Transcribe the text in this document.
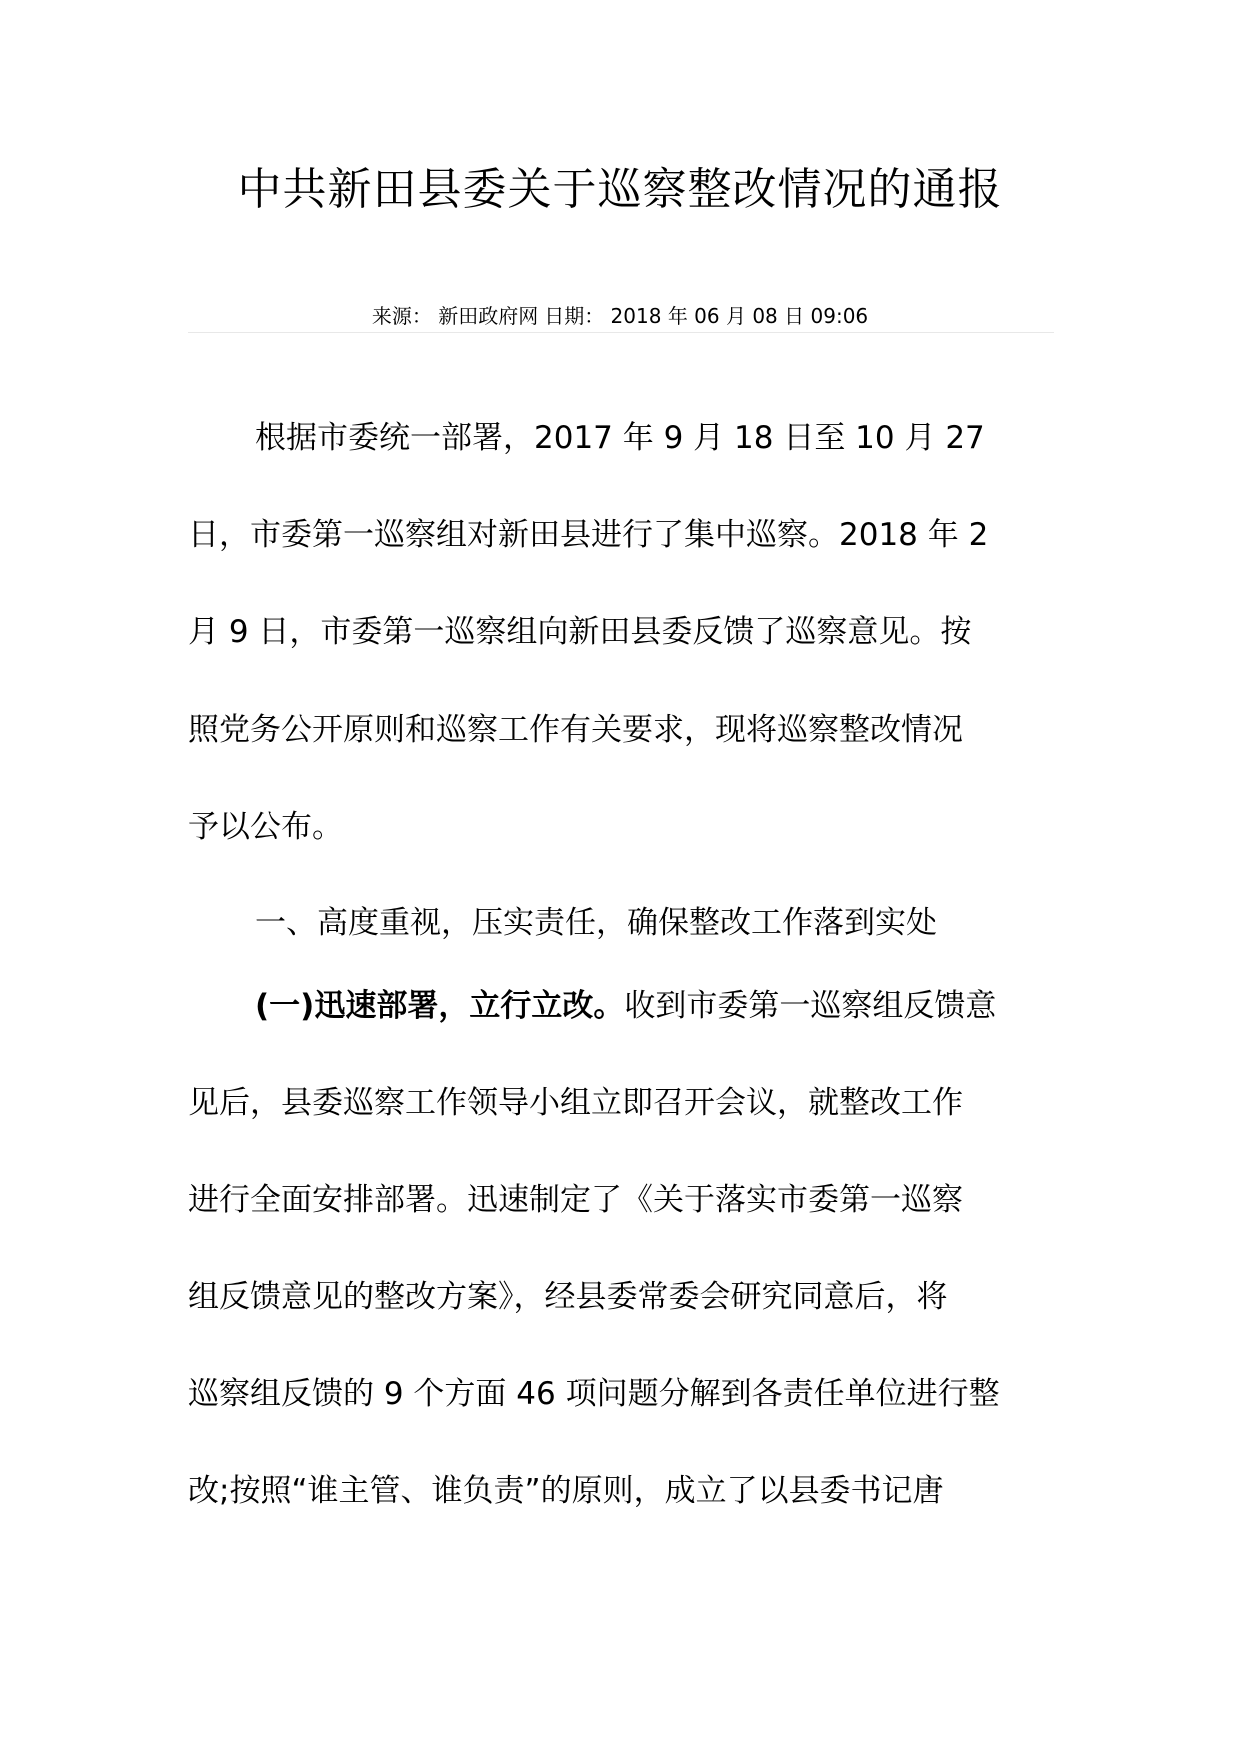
中共新田县委关于巡察整改情况的通报
来源： 新田政府网 日期： 2018 年 06 月 08 日 09:06
根据市委统一部署，2017 年 9 月 18 日至 10 月 27
日，市委第一巡察组对新田县进行了集中巡察。2018 年 2
月 9 日，市委第一巡察组向新田县委反馈了巡察意见。按
照党务公开原则和巡察工作有关要求，现将巡察整改情况
予以公布。
一、高度重视，压实责任，确保整改工作落到实处
(一)迅速部署，立行立改。收到市委第一巡察组反馈意
见后，县委巡察工作领导小组立即召开会议，就整改工作
进行全面安排部署。迅速制定了《关于落实市委第一巡察
组反馈意见的整改方案》，经县委常委会研究同意后，将
巡察组反馈的 9 个方面 46 项问题分解到各责任单位进行整
改;按照“谁主管、谁负责”的原则，成立了以县委书记唐
